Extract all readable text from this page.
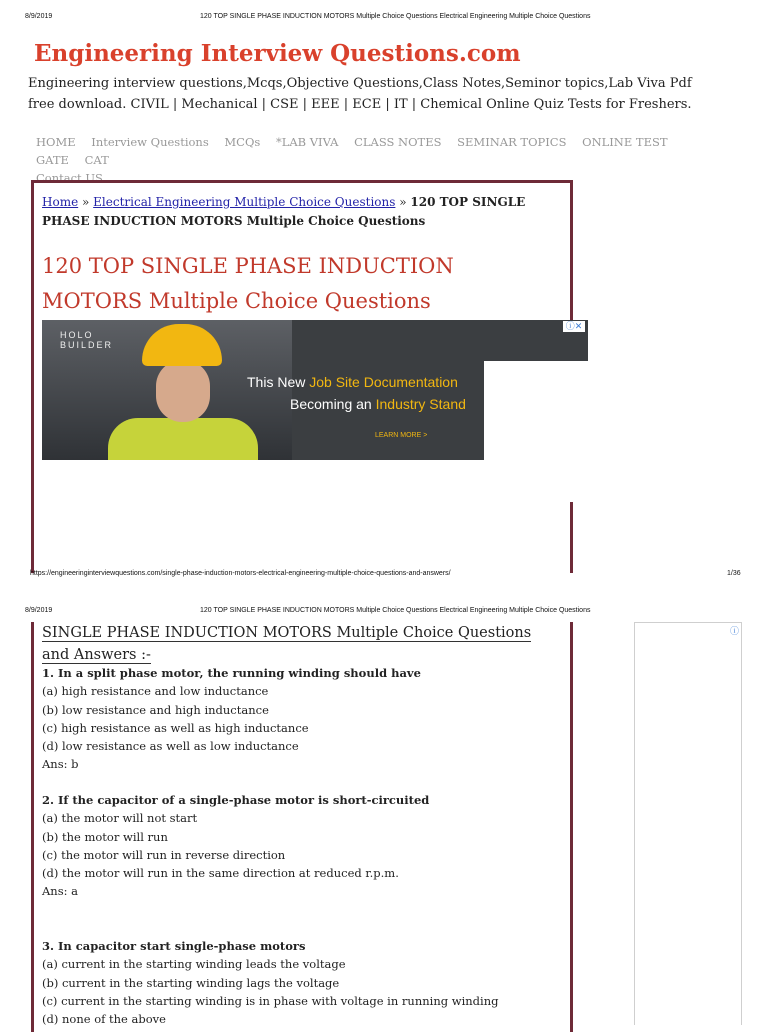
8/9/2019	120 TOP SINGLE PHASE INDUCTION MOTORS Multiple Choice Questions Electrical Engineering Multiple Choice Questions
Engineering Interview Questions.com
Engineering interview questions,Mcqs,Objective Questions,Class Notes,Seminor topics,Lab Viva Pdf free download. CIVIL | Mechanical | CSE | EEE | ECE | IT | Chemical Online Quiz Tests for Freshers.
HOME Interview Questions MCQs *LAB VIVA CLASS NOTES SEMINAR TOPICS ONLINE TEST GATE CAT
Contact US
Home » Electrical Engineering Multiple Choice Questions » 120 TOP SINGLE PHASE INDUCTION MOTORS Multiple Choice Questions
120 TOP SINGLE PHASE INDUCTION MOTORS Multiple Choice Questions
HOLO
BUILDER
This New Job Site Documentation
Becoming an Industry Stand
LEARN MORE >
ⓘ✕
https://engineeringinterviewquestions.com/single-phase-induction-motors-electrical-engineering-multiple-choice-questions-and-answers/	1/36
8/9/2019	120 TOP SINGLE PHASE INDUCTION MOTORS Multiple Choice Questions Electrical Engineering Multiple Choice Questions
ⓘ
SINGLE PHASE INDUCTION MOTORS Multiple Choice Questions and Answers :-
1. In a split phase motor, the running winding should have
(a) high resistance and low inductance
(b) low resistance and high inductance
(c) high resistance as well as high inductance
(d) low resistance as well as low inductance
Ans: b
2. If the capacitor of a single-phase motor is short-circuited
(a) the motor will not start
(b) the motor will run
(c) the motor will run in reverse direction
(d) the motor will run in the same direction at reduced r.p.m.
Ans: a
3. In capacitor start single-phase motors
(a) current in the starting winding leads the voltage
(b) current in the starting winding lags the voltage
(c) current in the starting winding is in phase with voltage in running winding
(d) none of the above
